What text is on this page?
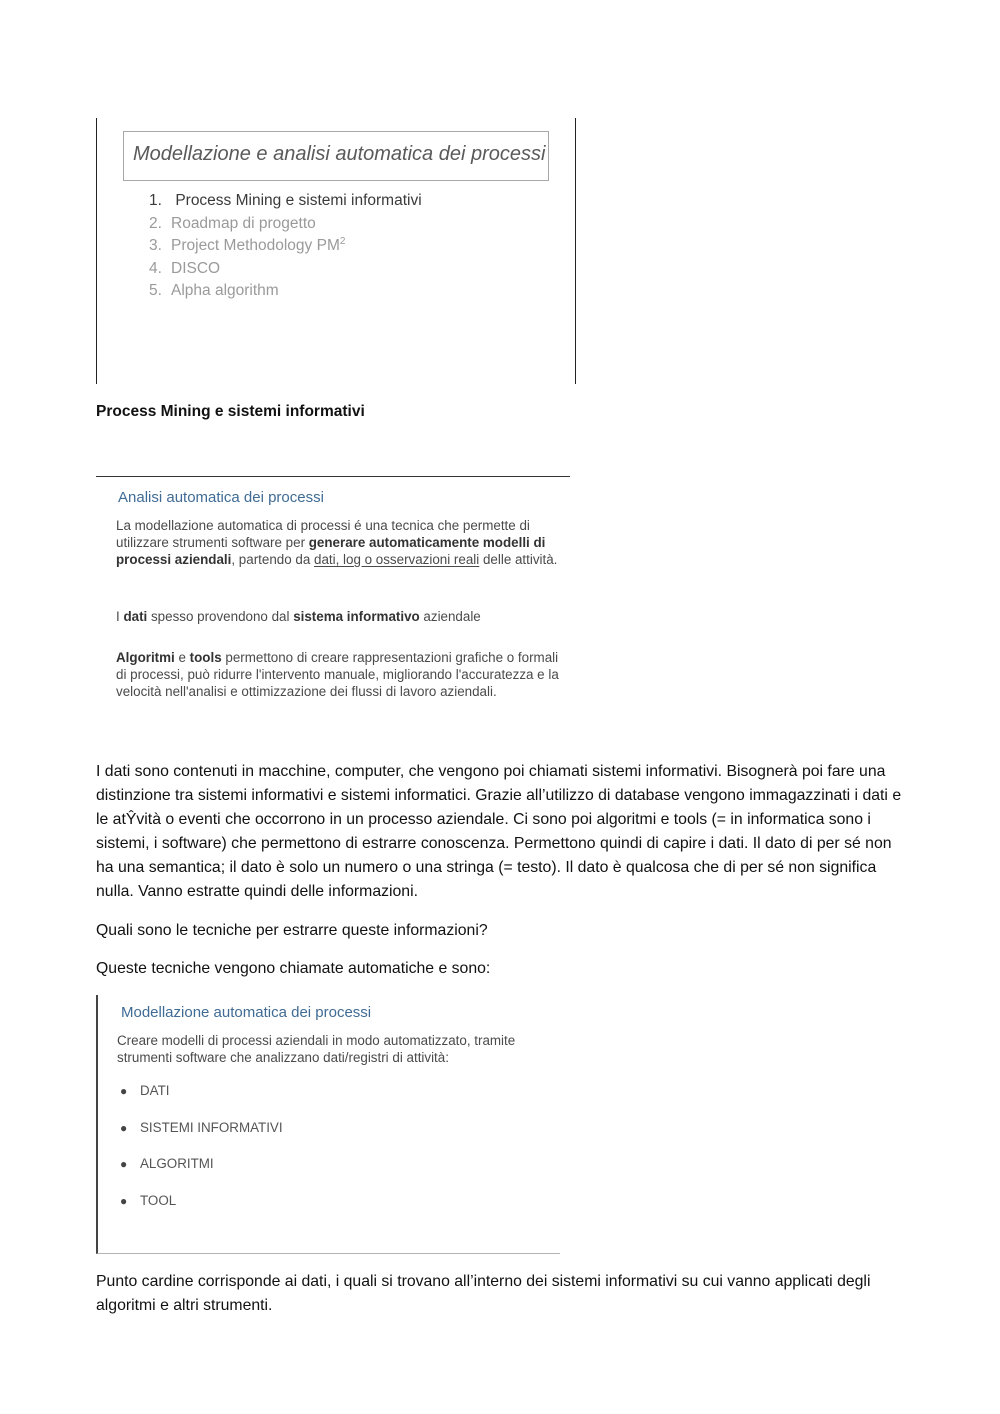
Modellazione e analisi automatica dei processi
1. Process Mining e sistemi informativi
2. Roadmap di progetto
3. Project Methodology $PM^2$
4. DISCO
5. Alpha algorithm
Process Mining e sistemi informativi
Analisi automatica dei processi

La modellazione automatica di processi é una tecnica che permette di utilizzare strumenti software per generare automaticamente modelli di processi aziendali, partendo da dati, log o osservazioni reali delle attività.

I dati spesso provendono dal sistema informativo aziendale

Algoritmi e tools permettono di creare rappresentazioni grafiche o formali di processi, può ridurre l'intervento manuale, migliorando l'accuratezza e la velocità nell'analisi e ottimizzazione dei flussi di lavoro aziendali.

I dati sono contenuti in macchine, computer, che vengono poi chiamati sistemi informativi. Bisognerà poi fare una distinzione tra sistemi informativi e sistemi informatici. Grazie all’utilizzo di database vengono immagazzinati i dati e le atŶvità o eventi che occorrono in un processo aziendale. Ci sono poi algoritmi e tools (= in informatica sono i sistemi, i software) che permettono di estrarre conoscenza. Permettono quindi di capire i dati. Il dato di per sé non ha una semantica; il dato è solo un numero o una stringa (= testo). Il dato è qualcosa che di per sé non significa nulla. Vanno estratte quindi delle informazioni.

Quali sono le tecniche per estrarre queste informazioni?

Queste tecniche vengono chiamate automatiche e sono:

Modellazione automatica dei processi

Creare modelli di processi aziendali in modo automatizzato, tramite strumenti software che analizzano dati/registri di attività:

● DATI
● SISTEMI INFORMATIVI
● ALGORITMI
● TOOL

Punto cardine corrisponde ai dati, i quali si trovano all’interno dei sistemi informativi su cui vanno applicati degli algoritmi e altri strumenti.
